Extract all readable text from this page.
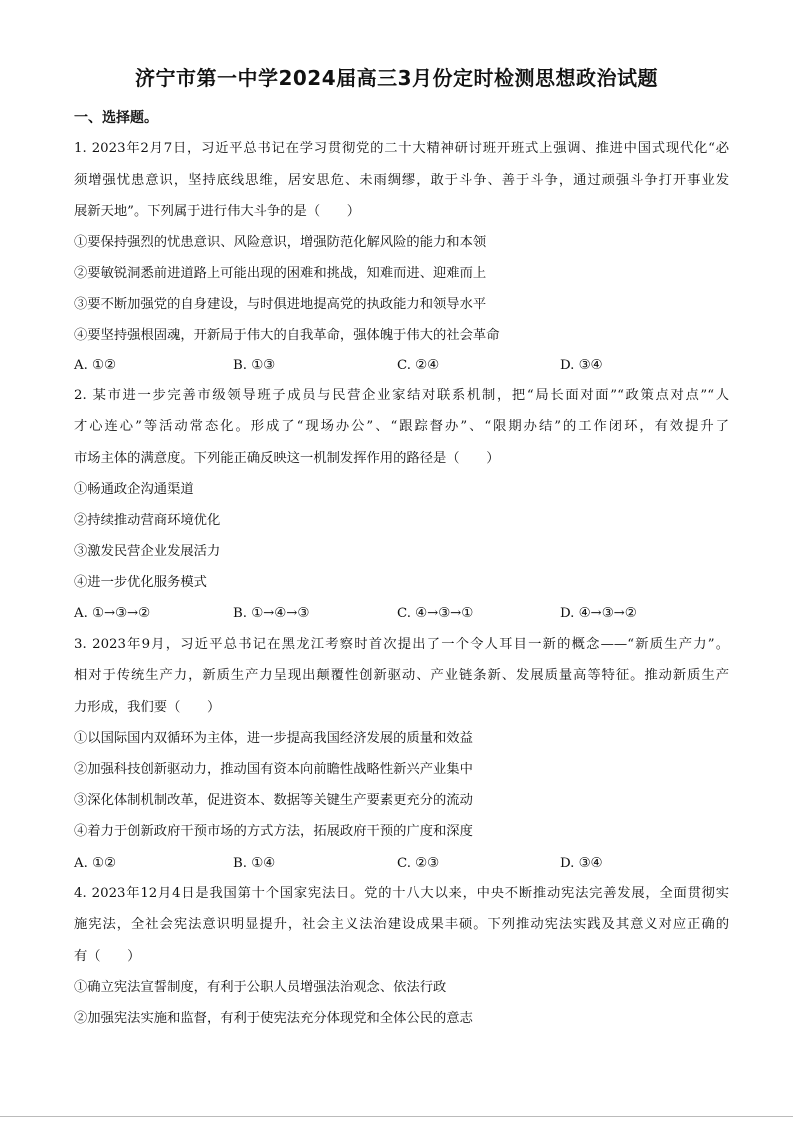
济宁市第一中学2024届高三3月份定时检测思想政治试题
一、选择题。
1. 2023年2月7日，习近平总书记在学习贯彻党的二十大精神研讨班开班式上强调、推进中国式现代化“必
须增强忧患意识，坚持底线思维，居安思危、未雨绸缪，敢于斗争、善于斗争，通过顽强斗争打开事业发
展新天地”。下列属于进行伟大斗争的是（　　）
①要保持强烈的忧患意识、风险意识，增强防范化解风险的能力和本领
②要敏锐洞悉前进道路上可能出现的困难和挑战，知难而进、迎难而上
③要不断加强党的自身建设，与时俱进地提高党的执政能力和领导水平
④要坚持强根固魂，开新局于伟大的自我革命，强体魄于伟大的社会革命
A. ①②	B. ①③	C. ②④	D. ③④
2. 某市进一步完善市级领导班子成员与民营企业家结对联系机制，把“局长面对面”“政策点对点”“人
才心连心”等活动常态化。形成了“现场办公”、“跟踪督办”、“限期办结”的工作闭环，有效提升了
市场主体的满意度。下列能正确反映这一机制发挥作用的路径是（　　）
①畅通政企沟通渠道
②持续推动营商环境优化
③激发民营企业发展活力
④进一步优化服务模式
A. ①→③→②	B. ①→④→③	C. ④→③→①	D. ④→③→②
3. 2023年9月，习近平总书记在黑龙江考察时首次提出了一个令人耳目一新的概念——“新质生产力”。
相对于传统生产力，新质生产力呈现出颠覆性创新驱动、产业链条新、发展质量高等特征。推动新质生产
力形成，我们要（　　）
①以国际国内双循环为主体，进一步提高我国经济发展的质量和效益
②加强科技创新驱动力，推动国有资本向前瞻性战略性新兴产业集中
③深化体制机制改革，促进资本、数据等关键生产要素更充分的流动
④着力于创新政府干预市场的方式方法，拓展政府干预的广度和深度
A. ①②	B. ①④	C. ②③	D. ③④
4. 2023年12月4日是我国第十个国家宪法日。党的十八大以来，中央不断推动宪法完善发展，全面贯彻实
施宪法，全社会宪法意识明显提升，社会主义法治建设成果丰硕。下列推动宪法实践及其意义对应正确的
有（　　）
①确立宪法宣誓制度，有利于公职人员增强法治观念、依法行政
②加强宪法实施和监督，有利于使宪法充分体现党和全体公民的意志
